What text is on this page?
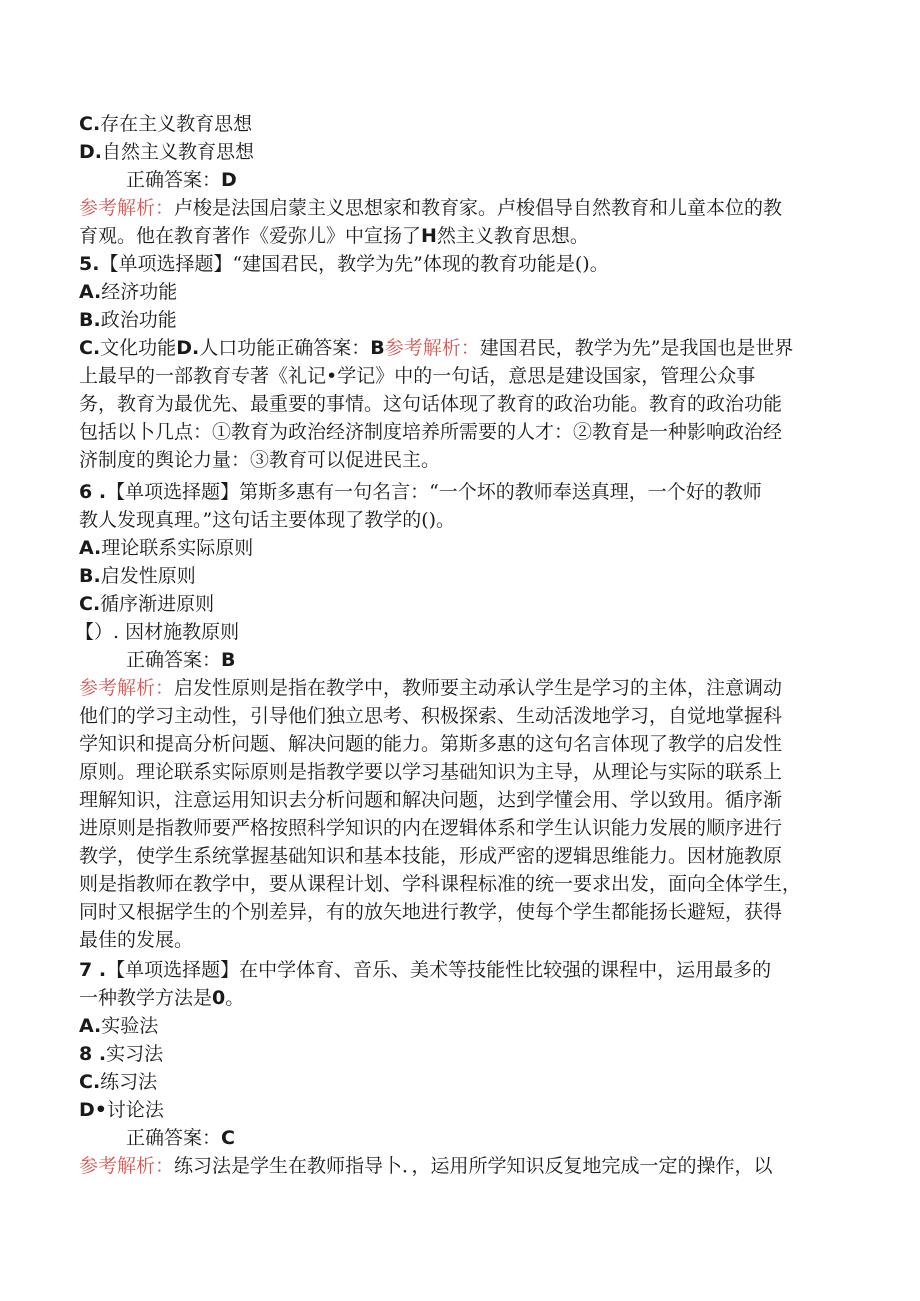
C.存在主义教育思想
D.自然主义教育思想
正确答案：D
参考解析：卢梭是法国启蒙主义思想家和教育家。卢梭倡导自然教育和儿童本位的教
育观。他在教育著作《爱弥儿》中宣扬了H然主义教育思想。
5.【单项选择题】“建国君民，教学为先”体现的教育功能是()。
A.经济功能
B.政治功能
C.文化功能D.人口功能正确答案：B参考解析：建国君民，教学为先”是我国也是世界
上最早的一部教育专著《礼记•学记》中的一句话，意思是建设国家，管理公众事
务，教育为最优先、最重要的事情。这句话体现了教育的政治功能。教育的政治功能
包括以卜几点：①教育为政治经济制度培养所需要的人才：②教育是一种影响政治经
济制度的舆论力量：③教育可以促进民主。
6 .【单项选择题】第斯多惠有一句名言：“一个坏的教师奉送真理，一个好的教师
教人发现真理。”这句话主要体现了教学的()。
A.理论联系实际原则
B.启发性原则
C.循序渐进原则
【）. 因材施教原则
正确答案：B
参考解析：启发性原则是指在教学中，教师要主动承认学生是学习的主体，注意调动
他们的学习主动性，引导他们独立思考、积极探索、生动活泼地学习，自觉地掌握科
学知识和提高分析问题、解决问题的能力。第斯多惠的这句名言体现了教学的启发性
原则。理论联系实际原则是指教学要以学习基础知识为主导，从理论与实际的联系上
理解知识，注意运用知识去分析问题和解决问题，达到学懂会用、学以致用。循序渐
进原则是指教师要严格按照科学知识的内在逻辑体系和学生认识能力发展的顺序进行
教学，使学生系统掌握基础知识和基本技能，形成严密的逻辑思维能力。因材施教原
则是指教师在教学中，要从课程计划、学科课程标准的统一要求出发，面向全体学生，
同时又根据学生的个别差异，有的放矢地进行教学，使每个学生都能扬长避短，获得
最佳的发展。
7 .【单项选择题】在中学体育、音乐、美术等技能性比较强的课程中，运用最多的
一种教学方法是0。
A.实验法
8 .实习法
C.练习法
D•讨论法
正确答案：C
参考解析：练习法是学生在教师指导卜．，运用所学知识反复地完成一定的操作，以
